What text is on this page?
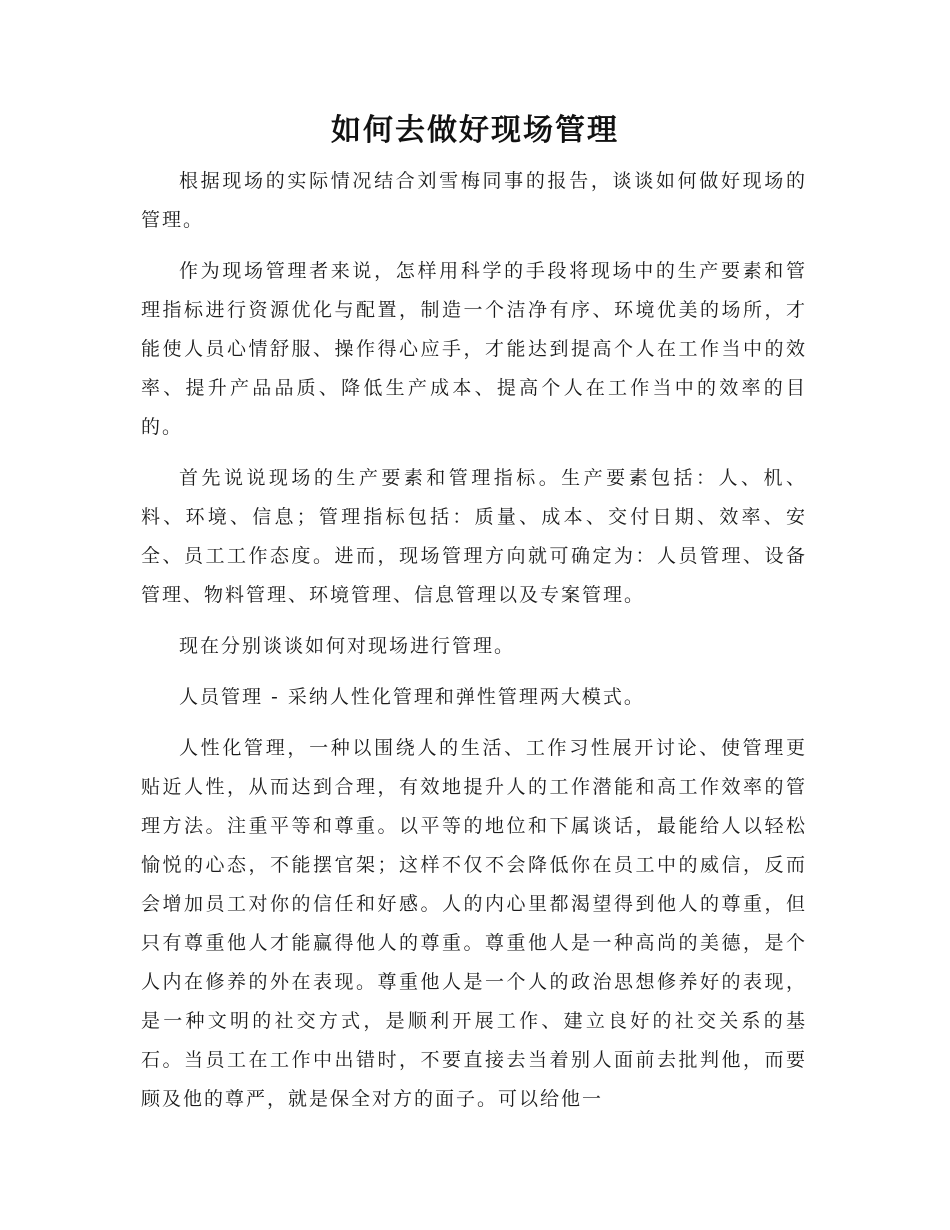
如何去做好现场管理

根据现场的实际情况结合刘雪梅同事的报告，谈谈如何做好现场的管理。

作为现场管理者来说，怎样用科学的手段将现场中的生产要素和管理指标进行资源优化与配置，制造一个洁净有序、环境优美的场所，才能使人员心情舒服、操作得心应手，才能达到提高个人在工作当中的效率、提升产品品质、降低生产成本、提高个人在工作当中的效率的目的。

首先说说现场的生产要素和管理指标。生产要素包括：人、机、料、环境、信息；管理指标包括：质量、成本、交付日期、效率、安全、员工工作态度。进而，现场管理方向就可确定为：人员管理、设备管理、物料管理、环境管理、信息管理以及专案管理。

现在分别谈谈如何对现场进行管理。

人员管理 - 采纳人性化管理和弹性管理两大模式。

人性化管理，一种以围绕人的生活、工作习性展开讨论、使管理更贴近人性，从而达到合理，有效地提升人的工作潜能和高工作效率的管理方法。注重平等和尊重。以平等的地位和下属谈话，最能给人以轻松愉悦的心态，不能摆官架；这样不仅不会降低你在员工中的威信，反而会增加员工对你的信任和好感。人的内心里都渴望得到他人的尊重，但只有尊重他人才能赢得他人的尊重。尊重他人是一种高尚的美德，是个人内在修养的外在表现。尊重他人是一个人的政治思想修养好的表现，是一种文明的社交方式，是顺利开展工作、建立良好的社交关系的基石。当员工在工作中出错时，不要直接去当着别人面前去批判他，而要顾及他的尊严，就是保全对方的面子。可以给他一
